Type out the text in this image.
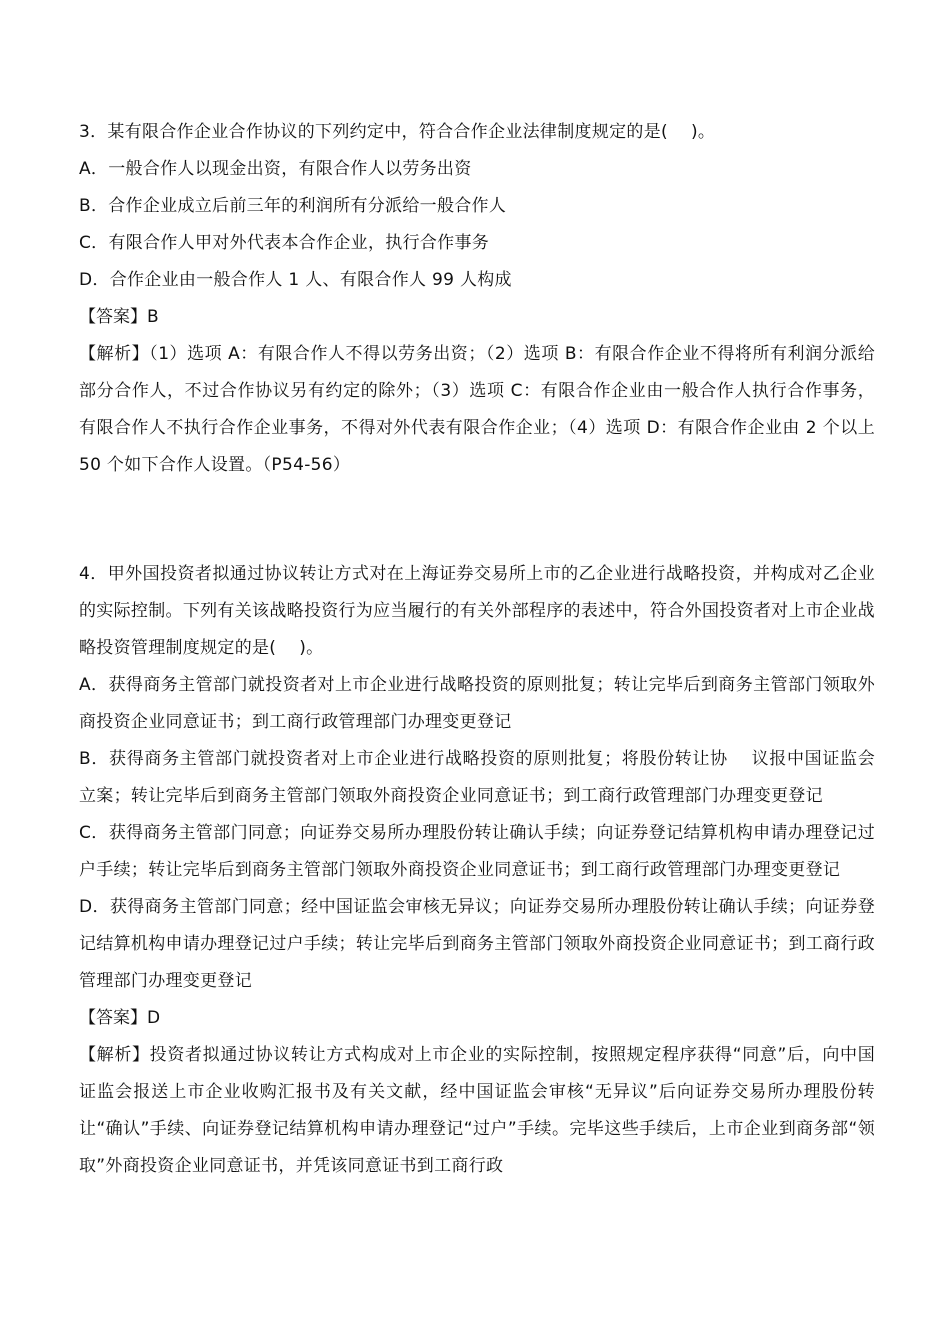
3．某有限合作企业合作协议的下列约定中，符合合作企业法律制度规定的是(　 )。
A．一般合作人以现金出资，有限合作人以劳务出资
B．合作企业成立后前三年的利润所有分派给一般合作人
C．有限合作人甲对外代表本合作企业，执行合作事务
D．合作企业由一般合作人 1 人、有限合作人 99 人构成
【答案】B
【解析】（1）选项 A：有限合作人不得以劳务出资；（2）选项 B：有限合作企业不得将所有利润分派给部分合作人，不过合作协议另有约定的除外；（3）选项 C：有限合作企业由一般合作人执行合作事务，有限合作人不执行合作企业事务，不得对外代表有限合作企业；（4）选项 D：有限合作企业由 2 个以上 50 个如下合作人设置。（P54-56）
4．甲外国投资者拟通过协议转让方式对在上海证券交易所上市的乙企业进行战略投资，并构成对乙企业的实际控制。下列有关该战略投资行为应当履行的有关外部程序的表述中，符合外国投资者对上市企业战略投资管理制度规定的是(　 )。
A．获得商务主管部门就投资者对上市企业进行战略投资的原则批复；转让完毕后到商务主管部门领取外商投资企业同意证书；到工商行政管理部门办理变更登记
B．获得商务主管部门就投资者对上市企业进行战略投资的原则批复；将股份转让协　 议报中国证监会立案；转让完毕后到商务主管部门领取外商投资企业同意证书；到工商行政管理部门办理变更登记
C．获得商务主管部门同意；向证券交易所办理股份转让确认手续；向证券登记结算机构申请办理登记过户手续；转让完毕后到商务主管部门领取外商投资企业同意证书；到工商行政管理部门办理变更登记
D．获得商务主管部门同意；经中国证监会审核无异议；向证券交易所办理股份转让确认手续；向证券登记结算机构申请办理登记过户手续；转让完毕后到商务主管部门领取外商投资企业同意证书；到工商行政管理部门办理变更登记
【答案】D
【解析】投资者拟通过协议转让方式构成对上市企业的实际控制，按照规定程序获得“同意”后，向中国证监会报送上市企业收购汇报书及有关文献，经中国证监会审核“无异议”后向证券交易所办理股份转让“确认”手续、向证券登记结算机构申请办理登记“过户”手续。完毕这些手续后，上市企业到商务部“领取”外商投资企业同意证书，并凭该同意证书到工商行政
